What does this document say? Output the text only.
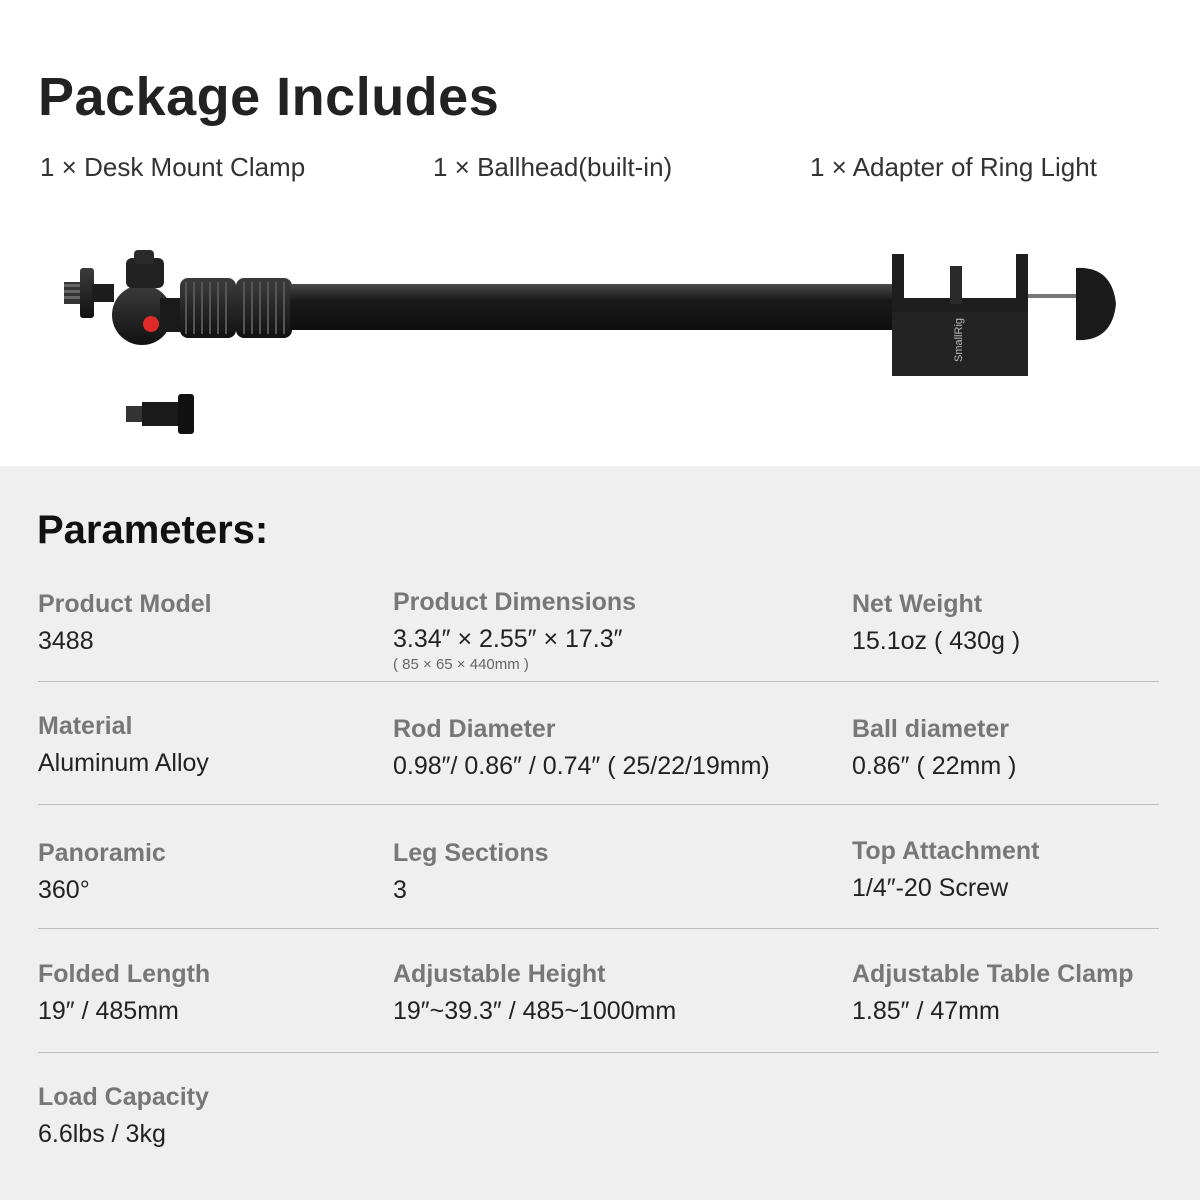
Package Includes
1 × Desk Mount Clamp	1 × Ballhead(built-in)	1 × Adapter of Ring Light
SmallRig
Parameters:
Product Model
3488
Product Dimensions
3.34″ × 2.55″ × 17.3″
( 85 × 65 × 440mm )
Net Weight
15.1oz ( 430g )
Material
Aluminum Alloy
Rod Diameter
0.98″/ 0.86″ / 0.74″ ( 25/22/19mm)
Ball diameter
0.86″ ( 22mm )
Panoramic
360°
Leg Sections
3
Top Attachment
1/4″-20 Screw
Folded Length
19″ / 485mm
Adjustable Height
19″~39.3″ / 485~1000mm
Adjustable Table Clamp
1.85″ / 47mm
Load Capacity
6.6lbs / 3kg
